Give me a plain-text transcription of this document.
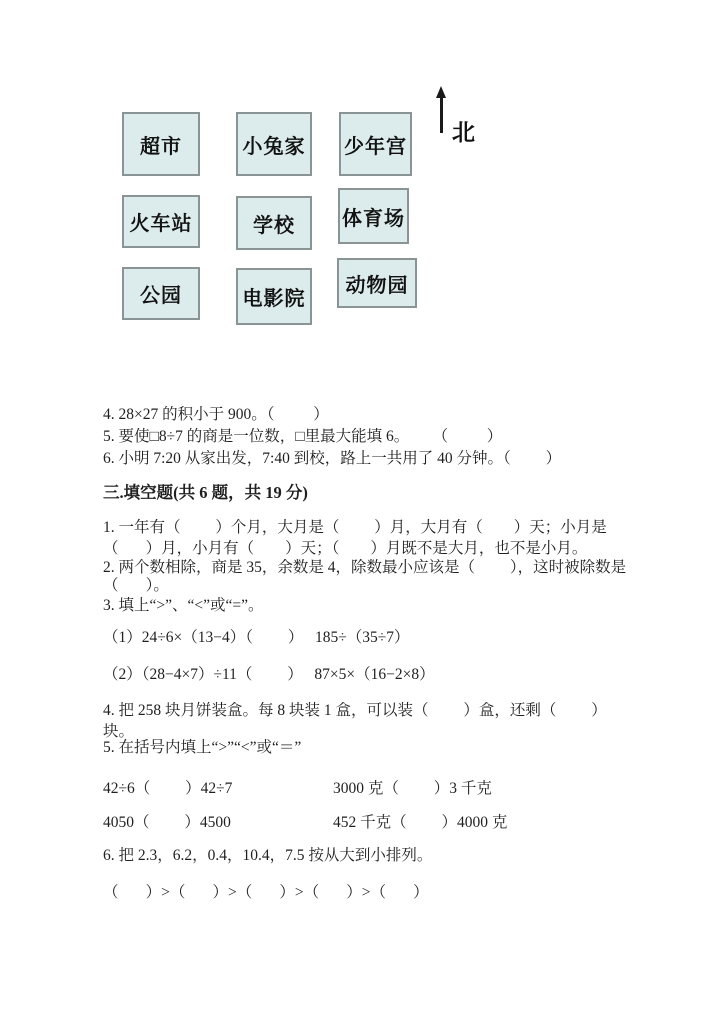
超市	小兔家	少年宫
火车站	学校	体育场
公园	电影院
动物园
北

4. 28×27 的积小于 900。（          ）

5. 要使□8÷7 的商是一位数，□里最大能填 6。      （          ）

6. 小明 7:20 从家出发，7:40 到校，路上一共用了 40 分钟。（         ）

三.填空题(共 6 题，共 19 分)

1. 一年有（         ）个月，大月是（         ）月，大月有（        ）天；小月是

（       ）月，小月有（        ）天；（        ）月既不是大月，也不是小月。

2. 两个数相除，商是 35，余数是 4，除数最小应该是（         ），这时被除数是

（       ）。

3. 填上“>”、“<”或“=”。

（1）24÷6×（13−4）（         ）   185÷（35÷7）

（2）（28−4×7）÷11（         ）   87×5×（16−2×8）

4. 把 258 块月饼装盒。每 8 块装 1 盒，可以装（         ）盒，还剩（         ）

块。

5. 在括号内填上“>”“<”或“＝”

42÷6（         ）42÷7	3000 克（         ）3 千克
4050（         ）4500	452 千克（         ）4000 克

6. 把 2.3，6.2，0.4，10.4，7.5 按从大到小排列。

（       ）>（       ）>（       ）>（       ）>（       ）
